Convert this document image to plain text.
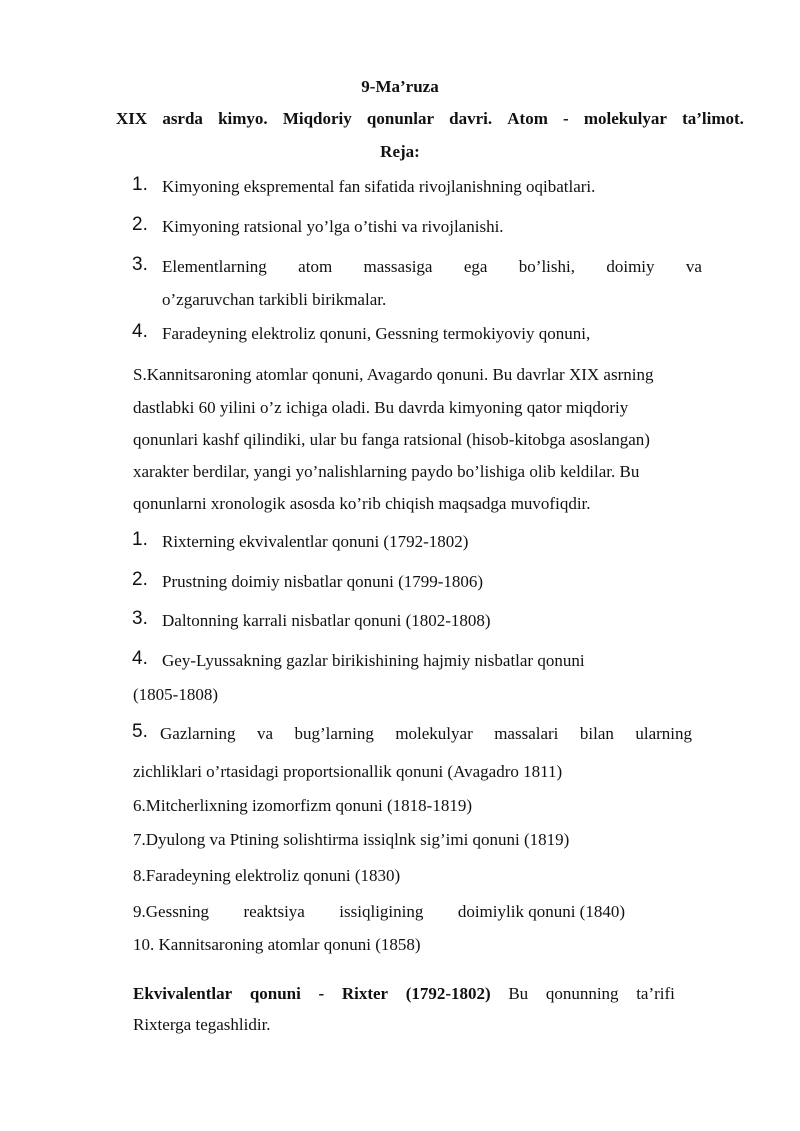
9-Ma’ruza
XIX asrda kimyo. Miqdoriy qonunlar davri. Atom - molekulyar ta’limot.
Reja:
1. Kimyoning ekspremental fan sifatida rivojlanishning oqibatlari.
2. Kimyoning ratsional yo’lga o’tishi va rivojlanishi.
3. Elementlarning atom massasiga ega bo’lishi, doimiy va
o’zgaruvchan tarkibli birikmalar.
4. Faradeyning elektroliz qonuni, Gessning termokiyoviy qonuni,
S.Kannitsaroning atomlar qonuni, Avagardo qonuni. Bu davrlar XIX asrning
dastlabki 60 yilini o’z ichiga oladi. Bu davrda kimyoning qator miqdoriy
qonunlari kashf qilindiki, ular bu fanga ratsional (hisob-kitobga asoslangan)
xarakter berdilar, yangi yo’nalishlarning paydo bo’lishiga olib keldilar. Bu
qonunlarni xronologik asosda ko’rib chiqish maqsadga muvofiqdir.
1. Rixterning ekvivalentlar qonuni (1792-1802)
2. Prustning doimiy nisbatlar qonuni (1799-1806)
3. Daltonning karrali nisbatlar qonuni (1802-1808)
4. Gey-Lyussakning gazlar birikishining hajmiy nisbatlar qonuni
(1805-1808)
5. Gazlarning va bug’larning molekulyar massalari bilan ularning
zichliklari o’rtasidagi proportsionallik qonuni (Avagadro 1811)
6.Mitcherlixning izomorfizm qonuni (1818-1819)
7.Dyulong va Ptining solishtirma issiqlnk sig’imi qonuni (1819)
8.Faradeyning elektroliz qonuni (1830)
9.Gessning reaktsiya issiqligining doimiylik qonuni (1840)
10. Kannitsaroning atomlar qonuni (1858)
Ekvivalentlar qonuni - Rixter (1792-1802) Bu qonunning ta’rifi
Rixterga tegashlidir.
